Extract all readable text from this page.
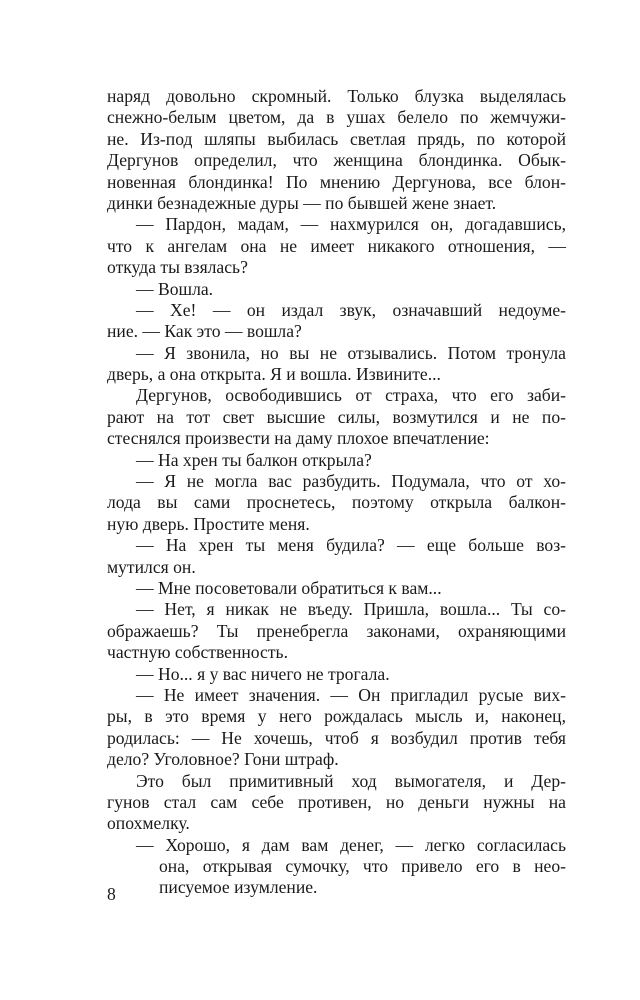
наряд довольно скромный. Только блузка выделялась
снежно-белым цветом, да в ушах белело по жемчужи-
не. Из-под шляпы выбилась светлая прядь, по которой
Дергунов определил, что женщина блондинка. Обык-
новенная блондинка! По мнению Дергунова, все блон-
динки безнадежные дуры — по бывшей жене знает.
— Пардон, мадам, — нахмурился он, догадавшись,
что к ангелам она не имеет никакого отношения, —
откуда ты взялась?
— Вошла.
— Хе! — он издал звук, означавший недоуме-
ние. — Как это — вошла?
— Я звонила, но вы не отзывались. Потом тронула
дверь, а она открыта. Я и вошла. Извините...
Дергунов, освободившись от страха, что его заби-
рают на тот свет высшие силы, возмутился и не по-
стеснялся произвести на даму плохое впечатление:
— На хрен ты балкон открыла?
— Я не могла вас разбудить. Подумала, что от хо-
лода вы сами проснетесь, поэтому открыла балкон-
ную дверь. Простите меня.
— На хрен ты меня будила? — еще больше воз-
мутился он.
— Мне посоветовали обратиться к вам...
— Нет, я никак не въеду. Пришла, вошла... Ты со-
ображаешь? Ты пренебрегла законами, охраняющими
частную собственность.
— Но... я у вас ничего не трогала.
— Не имеет значения. — Он пригладил русые вих-
ры, в это время у него рождалась мысль и, наконец,
родилась: — Не хочешь, чтоб я возбудил против тебя
дело? Уголовное? Гони штраф.
Это был примитивный ход вымогателя, и Дер-
гунов стал сам себе противен, но деньги нужны на
опохмелку.
— Хорошо, я дам вам денег, — легко согласилась
она, открывая сумочку, что привело его в нео-
писуемое изумление.
8
